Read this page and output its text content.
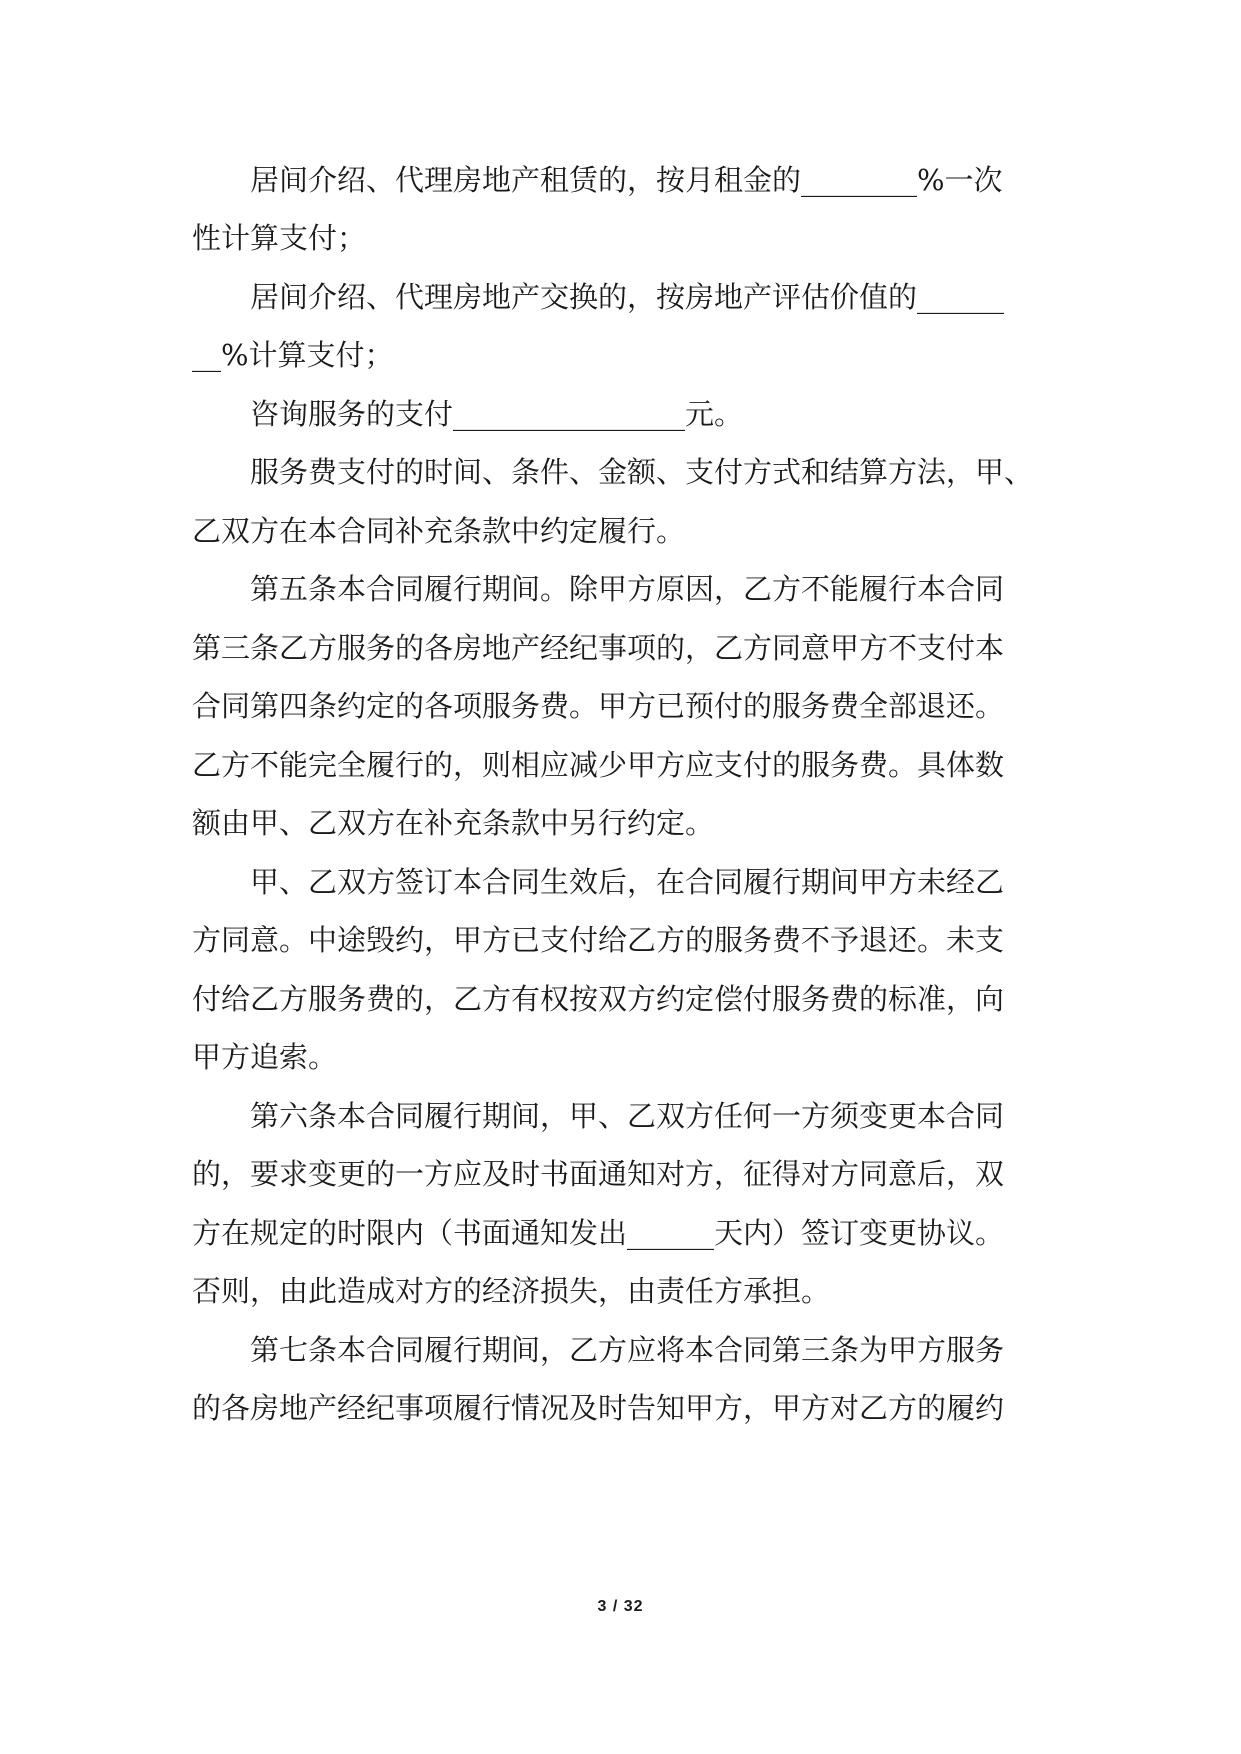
居间介绍、代理房地产租赁的，按月租金的________%一次
性计算支付；
居间介绍、代理房地产交换的，按房地产评估价值的______
__%计算支付；
咨询服务的支付________________元。
服务费支付的时间、条件、金额、支付方式和结算方法，甲、
乙双方在本合同补充条款中约定履行。
第五条本合同履行期间。除甲方原因，乙方不能履行本合同
第三条乙方服务的各房地产经纪事项的，乙方同意甲方不支付本
合同第四条约定的各项服务费。甲方已预付的服务费全部退还。
乙方不能完全履行的，则相应减少甲方应支付的服务费。具体数
额由甲、乙双方在补充条款中另行约定。
甲、乙双方签订本合同生效后，在合同履行期间甲方未经乙
方同意。中途毁约，甲方已支付给乙方的服务费不予退还。未支
付给乙方服务费的，乙方有权按双方约定偿付服务费的标准，向
甲方追索。
第六条本合同履行期间，甲、乙双方任何一方须变更本合同
的，要求变更的一方应及时书面通知对方，征得对方同意后，双
方在规定的时限内（书面通知发出______天内）签订变更协议。
否则，由此造成对方的经济损失，由责任方承担。
第七条本合同履行期间，乙方应将本合同第三条为甲方服务
的各房地产经纪事项履行情况及时告知甲方，甲方对乙方的履约
3 / 32
